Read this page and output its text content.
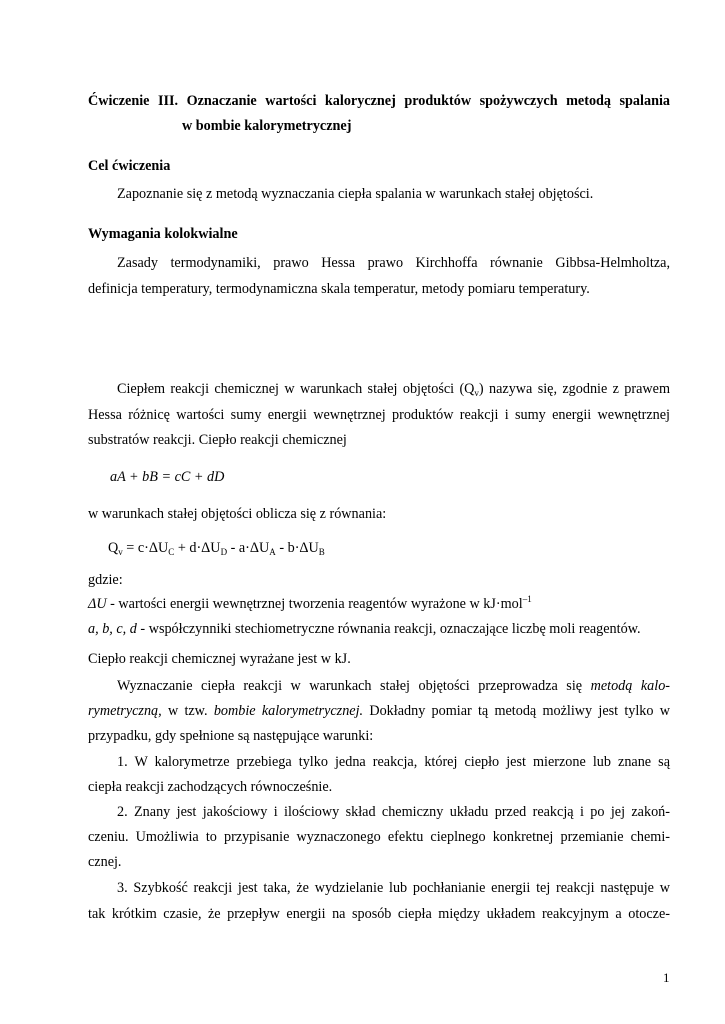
Ćwiczenie III. Oznaczanie wartości kalorycznej produktów spożywczych metodą spalania
w bombie kalorymetrycznej
Cel ćwiczenia
Zapoznanie się z metodą wyznaczania ciepła spalania w warunkach stałej objętości.
Wymagania kolokwialne
Zasady termodynamiki, prawo Hessa prawo Kirchhoffa równanie Gibbsa-Helmholtza,
definicja temperatury, termodynamiczna skala temperatur, metody pomiaru temperatury.
Ciepłem reakcji chemicznej w warunkach stałej objętości $(Q_v)$ nazywa się, zgodnie z prawem
Hessa różnicę wartości sumy energii wewnętrznej produktów reakcji i sumy energii wewnętrznej
substratów reakcji. Ciepło reakcji chemicznej
aA + bB = cC + dD
w warunkach stałej objętości oblicza się z równania:
$Q_v = c\cdot\Delta U_C + d\cdot\Delta U_D - a\cdot\Delta U_A - b\cdot\Delta U_B$
gdzie:
ΔU - wartości energii wewnętrznej tworzenia reagentów wyrażone w kJ·mol$^{-1}$
a, b, c, d - współczynniki stechiometryczne równania reakcji, oznaczające liczbę moli reagentów.
Ciepło reakcji chemicznej wyrażane jest w kJ.
Wyznaczanie ciepła reakcji w warunkach stałej objętości przeprowadza się metodą kalo-
rymetryczną, w tzw. bombie kalorymetrycznej. Dokładny pomiar tą metodą możliwy jest tylko w
przypadku, gdy spełnione są następujące warunki:
1. W kalorymetrze przebiega tylko jedna reakcja, której ciepło jest mierzone lub znane są
ciepła reakcji zachodzących równocześnie.
2. Znany jest jakościowy i ilościowy skład chemiczny układu przed reakcją i po jej zakoń-
czeniu. Umożliwia to przypisanie wyznaczonego efektu cieplnego konkretnej przemianie chemi-
cznej.
3. Szybkość reakcji jest taka, że wydzielanie lub pochłanianie energii tej reakcji następuje w
tak krótkim czasie, że przepływ energii na sposób ciepła między układem reakcyjnym a otocze-
1
